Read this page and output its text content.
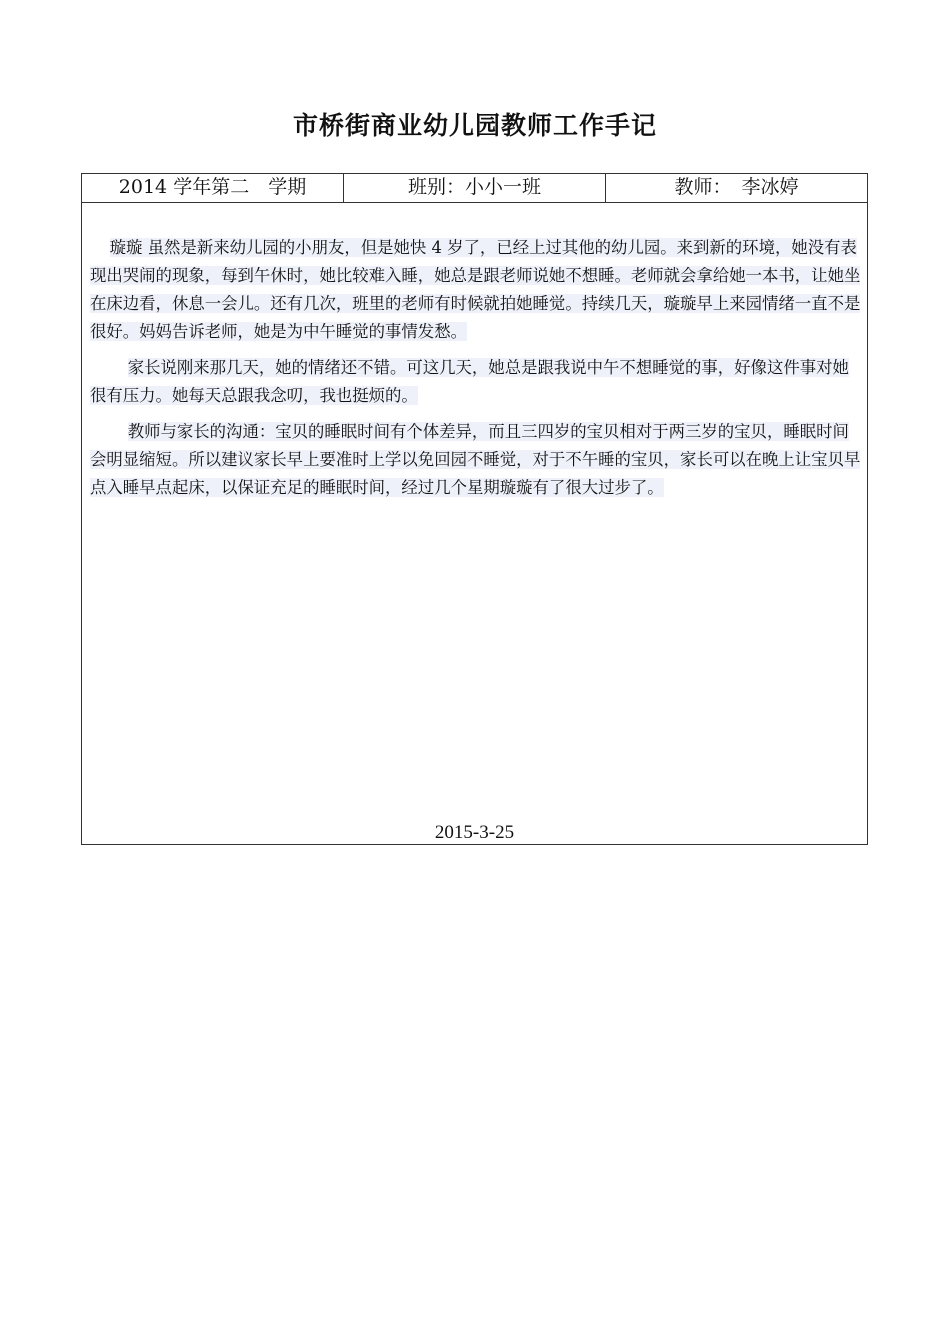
市桥街商业幼儿园教师工作手记
2014 学年第二　学期	班别：小小一班	教师： 李冰婷

璇璇 虽然是新来幼儿园的小朋友，但是她快 4 岁了，已经上过其他的幼儿园。来到新的环境，她没有表现出哭闹的现象，每到午休时，她比较难入睡，她总是跟老师说她不想睡。老师就会拿给她一本书，让她坐在床边看，休息一会儿。还有几次，班里的老师有时候就拍她睡觉。持续几天，璇璇早上来园情绪一直不是很好。妈妈告诉老师，她是为中午睡觉的事情发愁。

家长说刚来那几天，她的情绪还不错。可这几天，她总是跟我说中午不想睡觉的事，好像这件事对她很有压力。她每天总跟我念叨，我也挺烦的。

教师与家长的沟通：宝贝的睡眠时间有个体差异，而且三四岁的宝贝相对于两三岁的宝贝，睡眠时间会明显缩短。所以建议家长早上要准时上学以免回园不睡觉，对于不午睡的宝贝，家长可以在晚上让宝贝早点入睡早点起床，以保证充足的睡眠时间，经过几个星期璇璇有了很大过步了。

2015-3-25
